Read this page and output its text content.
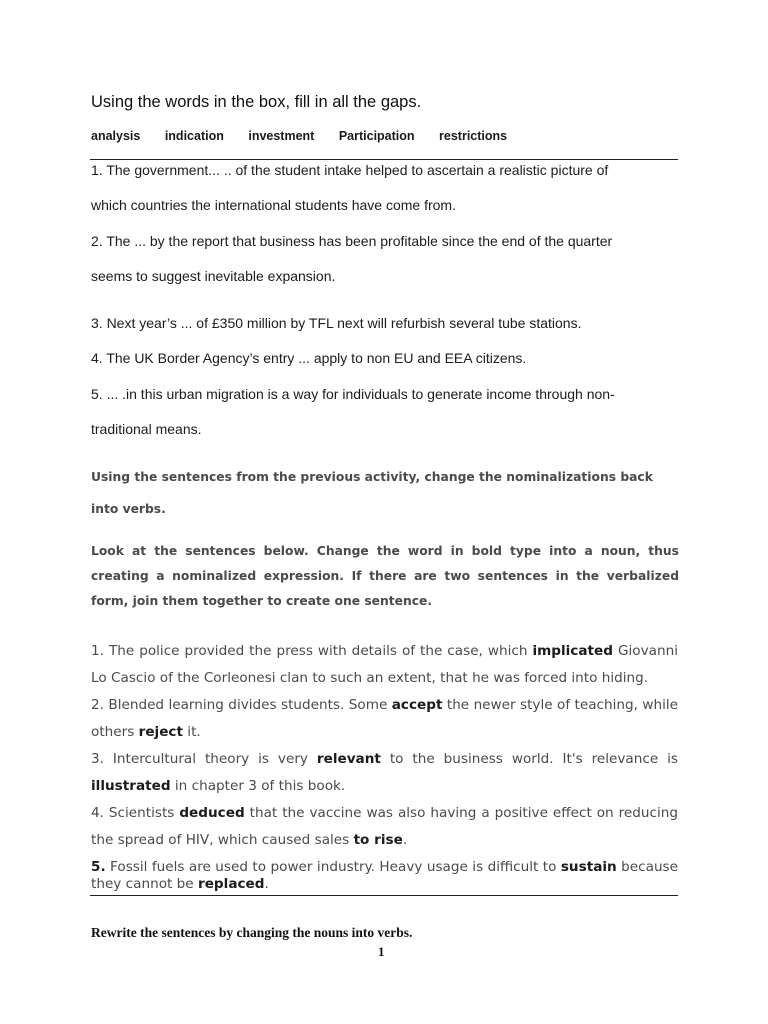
Using the words in the box, fill in all the gaps.
analysis indication investment Participation restrictions
1. The government... .. of the student intake helped to ascertain a realistic picture of
which countries the international students have come from.
2. The ... by the report that business has been profitable since the end of the quarter
seems to suggest inevitable expansion.
3. Next year’s ... of £350 million by TFL next will refurbish several tube stations.
4. The UK Border Agency’s entry ... apply to non EU and EEA citizens.
5. ... .in this urban migration is a way for individuals to generate income through non-
traditional means.
Using the sentences from the previous activity, change the nominalizations back into verbs.
Look at the sentences below. Change the word in bold type into a noun, thus creating a nominalized expression. If there are two sentences in the verbalized form, join them together to create one sentence.
1. The police provided the press with details of the case, which implicated Giovanni Lo Cascio of the Corleonesi clan to such an extent, that he was forced into hiding.
2. Blended learning divides students. Some accept the newer style of teaching, while others reject it.
3. Intercultural theory is very relevant to the business world. It's relevance is illustrated in chapter 3 of this book.
4. Scientists deduced that the vaccine was also having a positive effect on reducing the spread of HIV, which caused sales to rise.
5. Fossil fuels are used to power industry. Heavy usage is difficult to sustain because they cannot be replaced.
Rewrite the sentences by changing the nouns into verbs.
1
